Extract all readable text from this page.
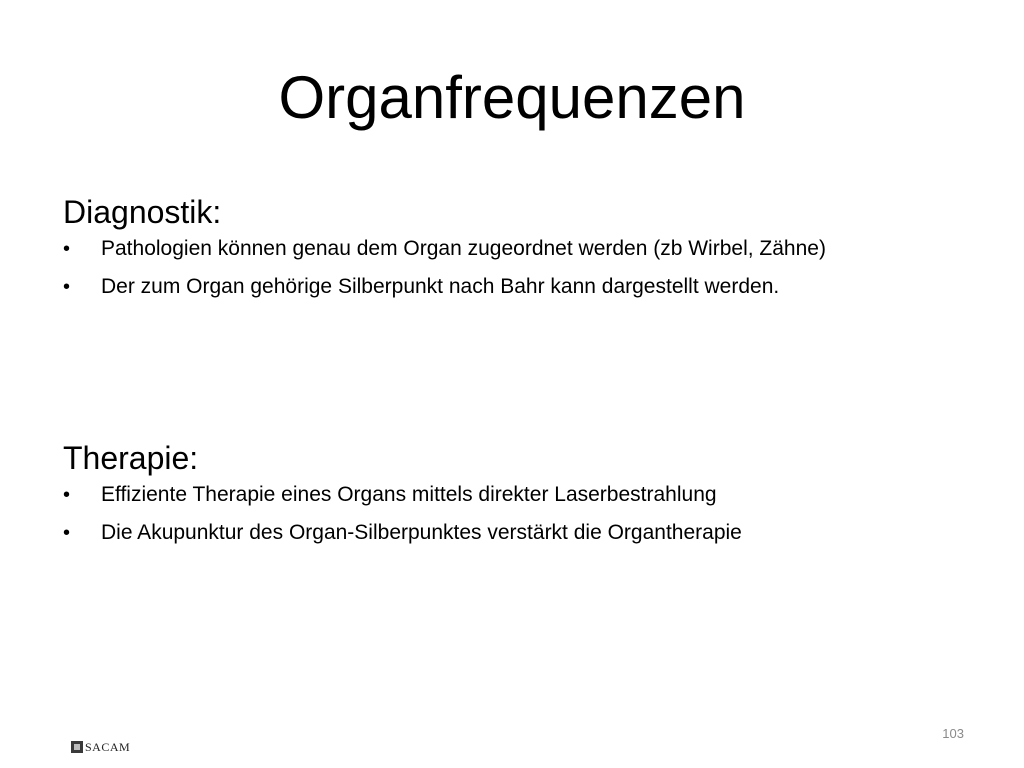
Organfrequenzen
Diagnostik:
•	Pathologien können genau dem Organ zugeordnet werden (zb Wirbel, Zähne)
•	Der zum Organ gehörige Silberpunkt nach Bahr kann dargestellt werden.
Therapie:
•	Effiziente Therapie eines Organs mittels direkter Laserbestrahlung
•	Die Akupunktur des Organ-Silberpunktes verstärkt die Organtherapie
SACAM
103
